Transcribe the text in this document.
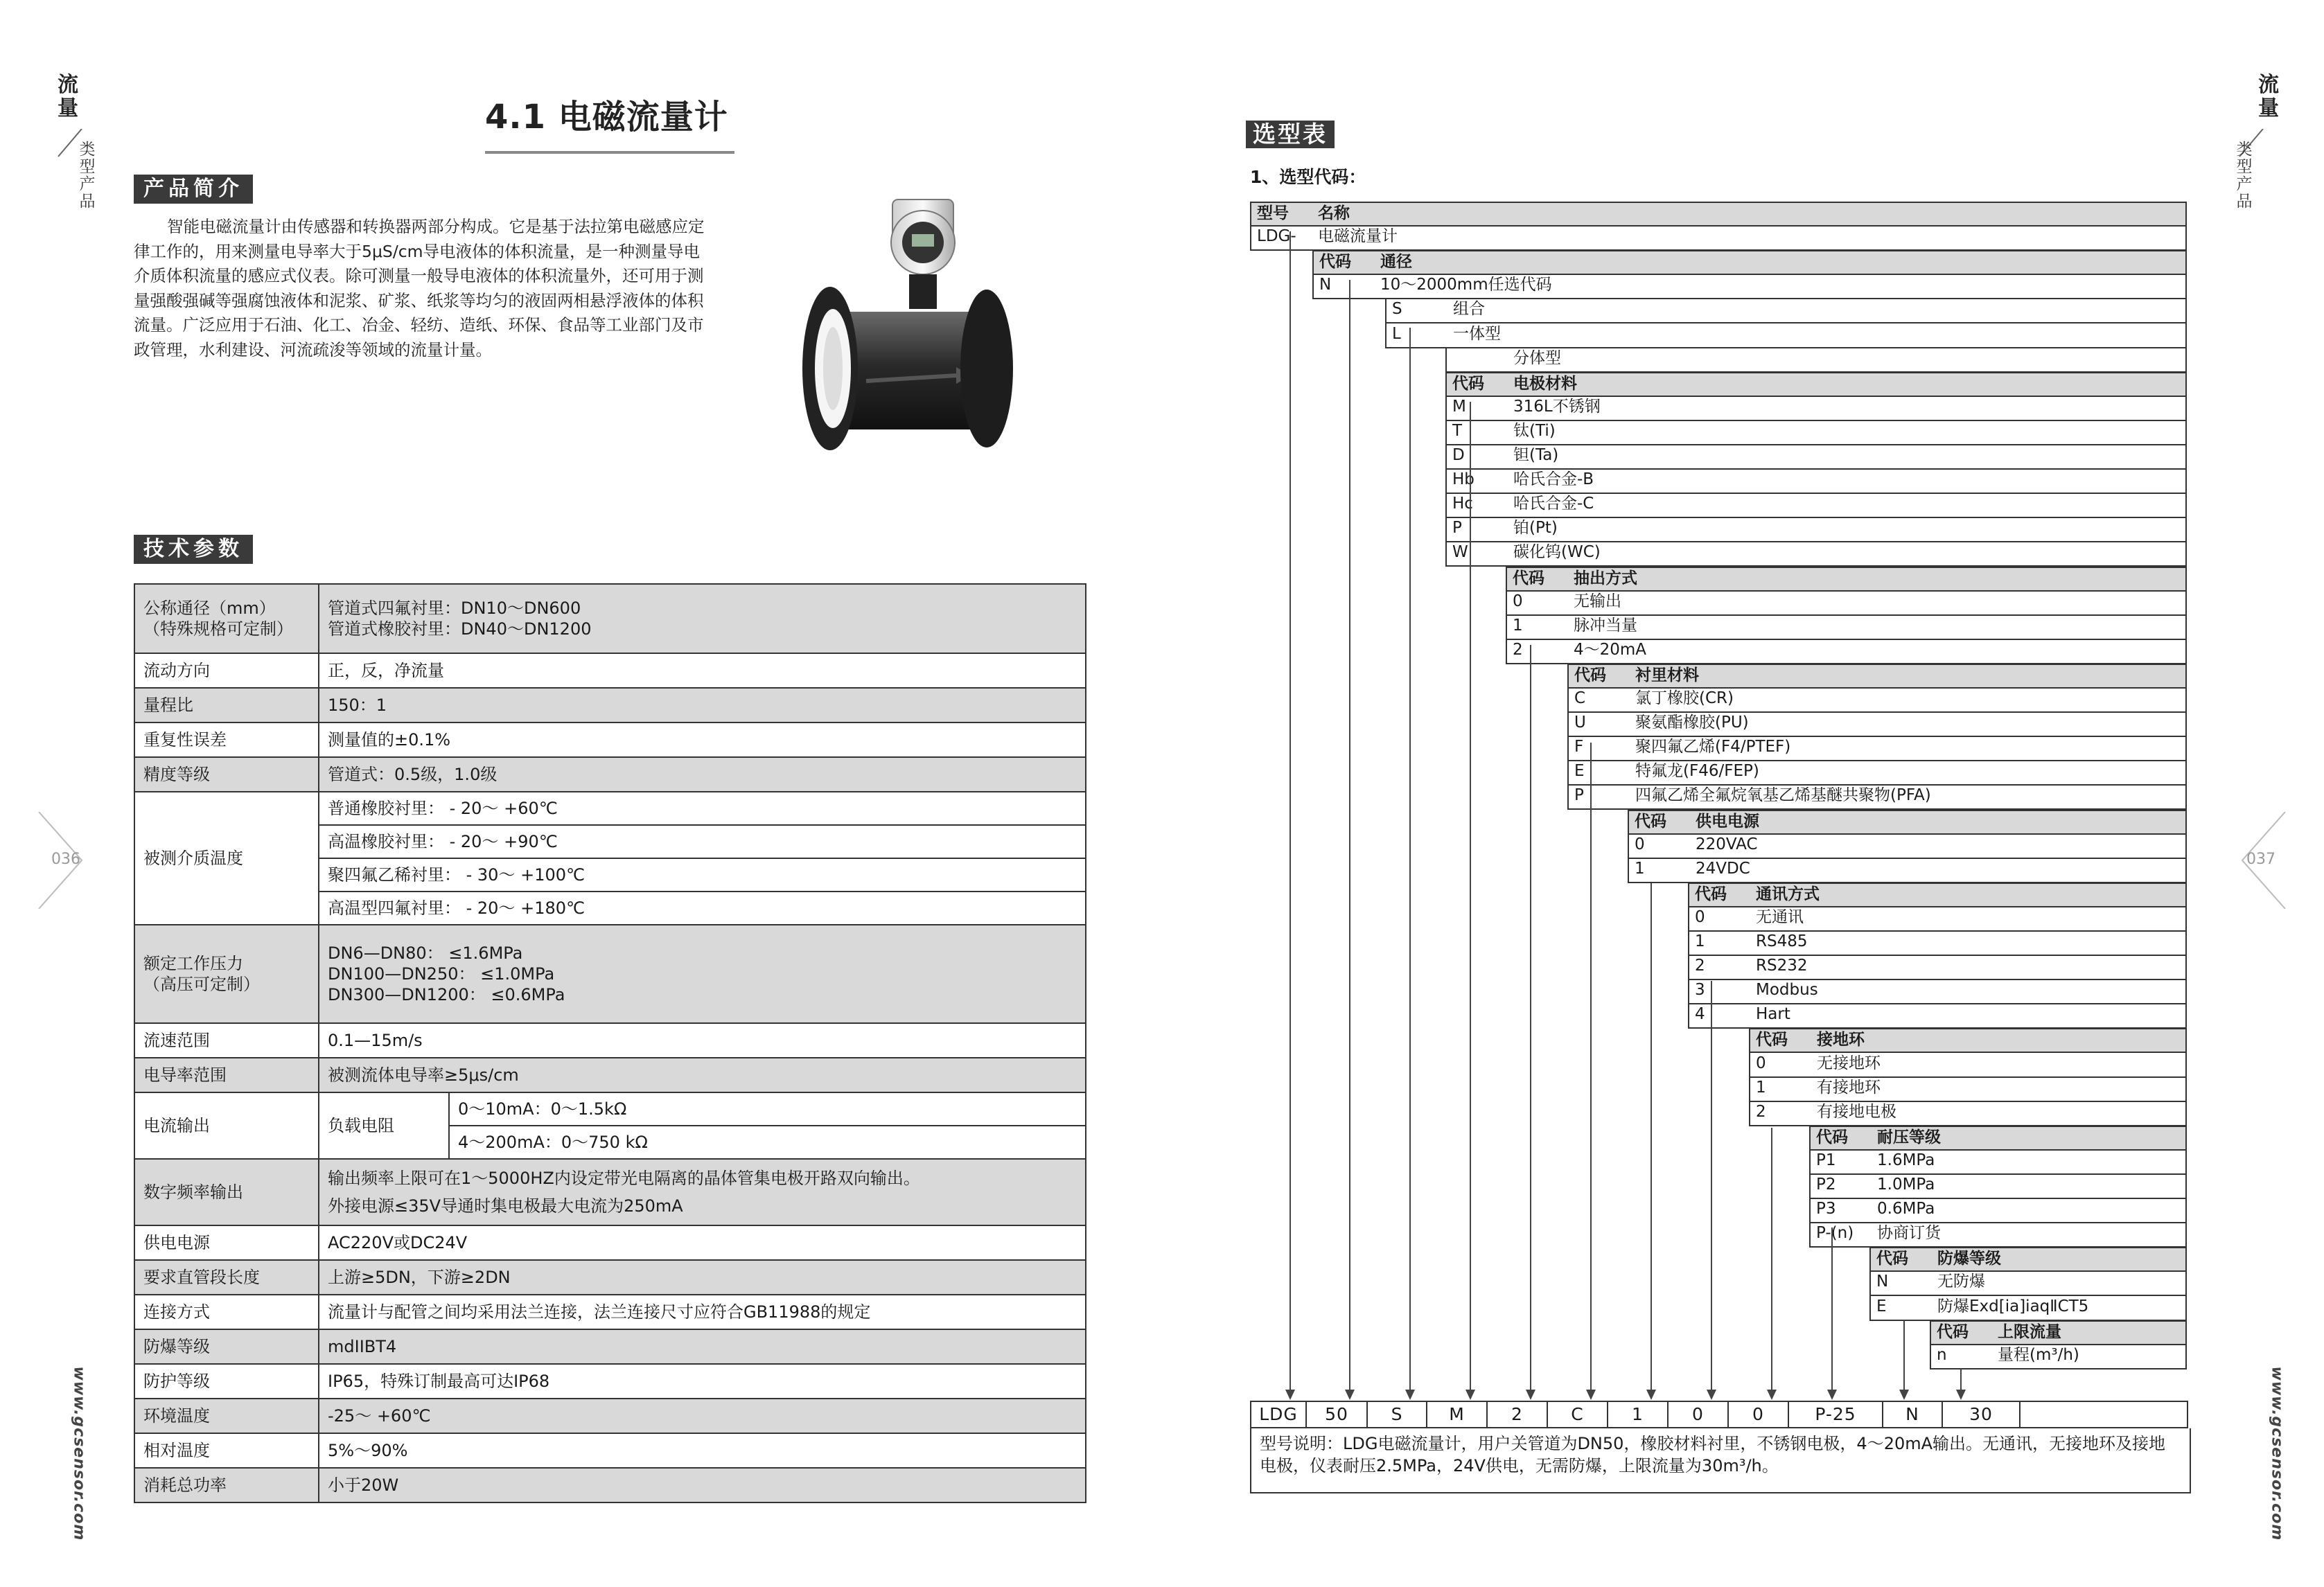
流量
类型产品
036
www.gcsensor.com
流量
类型产品
037
www.gcsensor.com
4.1 电磁流量计
产品简介
智能电磁流量计由传感器和转换器两部分构成。它是基于法拉第电磁感应定律工作的，用来测量电导率大于5μS/cm导电液体的体积流量，是一种测量导电介质体积流量的感应式仪表。除可测量一般导电液体的体积流量外，还可用于测量强酸强碱等强腐蚀液体和泥浆、矿浆、纸浆等均匀的液固两相悬浮液体的体积流量。广泛应用于石油、化工、冶金、轻纺、造纸、环保、食品等工业部门及市政管理，水利建设、河流疏浚等领域的流量计量。
技术参数
公称通径（mm）
（特殊规格可定制）	管道式四氟衬里：DN10～DN600
管道式橡胶衬里：DN40～DN1200	
流动方向	正，反，净流量	
量程比	150：1	
重复性误差	测量值的±0.1%	
精度等级	管道式：0.5级，1.0级	
被测介质温度	普通橡胶衬里： - 20～ +60℃	
	高温橡胶衬里： - 20～ +90℃	
	聚四氟乙稀衬里： - 30～ +100℃	
	高温型四氟衬里： - 20～ +180℃	
额定工作压力
（高压可定制）	DN6—DN80： ≤1.6MPa
DN100—DN250： ≤1.0MPa
DN300—DN1200： ≤0.6MPa	
流速范围	0.1—15m/s	
电导率范围	被测流体电导率≥5μs/cm	
电流输出	负载电阻	0～10mA：0～1.5kΩ
		4～200mA：0～750 kΩ
数字频率输出	输出频率上限可在1～5000HZ内设定带光电隔离的晶体管集电极开路双向输出。
外接电源≤35V导通时集电极最大电流为250mA	
供电电源	AC220V或DC24V	
要求直管段长度	上游≥5DN，下游≥2DN	
连接方式	流量计与配管之间均采用法兰连接，法兰连接尺寸应符合GB11988的规定	
防爆等级	mdIIBT4	
防护等级	IP65，特殊订制最高可达IP68	
环境温度	-25～ +60℃	
相对温度	5%～90%	
消耗总功率	小于20W	
选型表
1、选型代码：
型号 名称
LDG- 电磁流量计
代码 通径
N	10～2000mm任选代码
S	组合
L	一体型
分体型
代码 电极材料
M	316L不锈钢
T	钛(Ti)
D	钽(Ta)
Hb 哈氏合金-B
Hc	哈氏合金-C
P	铂(Pt)
W	碳化钨(WC)
代码 抽出方式
0	无输出
1	脉冲当量
2	4～20mA
代码 衬里材料
C	氯丁橡胶(CR)
U	聚氨酯橡胶(PU)
F	聚四氟乙烯(F4/PTEF)
E	特氟龙(F46/FEP)
P	四氟乙烯全氟烷氧基乙烯基醚共聚物(PFA)
代码 供电电源
0	220VAC
1	24VDC
代码 通讯方式
0	无通讯
1	RS485
2	RS232
3	Modbus
4	Hart
代码 接地环
0	无接地环
1	有接地环
2	有接地电极
代码 耐压等级
P1	1.6MPa
P2	1.0MPa
P3	0.6MPa
P-(n) 协商订货
代码 防爆等级
N	无防爆
E	防爆Exd[ia]iaqⅡCT5
代码 上限流量
n	量程(m³/h)
LDG	50	S	M	2	C	1	0	0	P-25	N	30
型号说明：LDG电磁流量计，用户关管道为DN50，橡胶材料衬里，不锈钢电极，4～20mA输出。无通讯，无接地环及接地电极，仪表耐压2.5MPa，24V供电，无需防爆，上限流量为30m³/h。
